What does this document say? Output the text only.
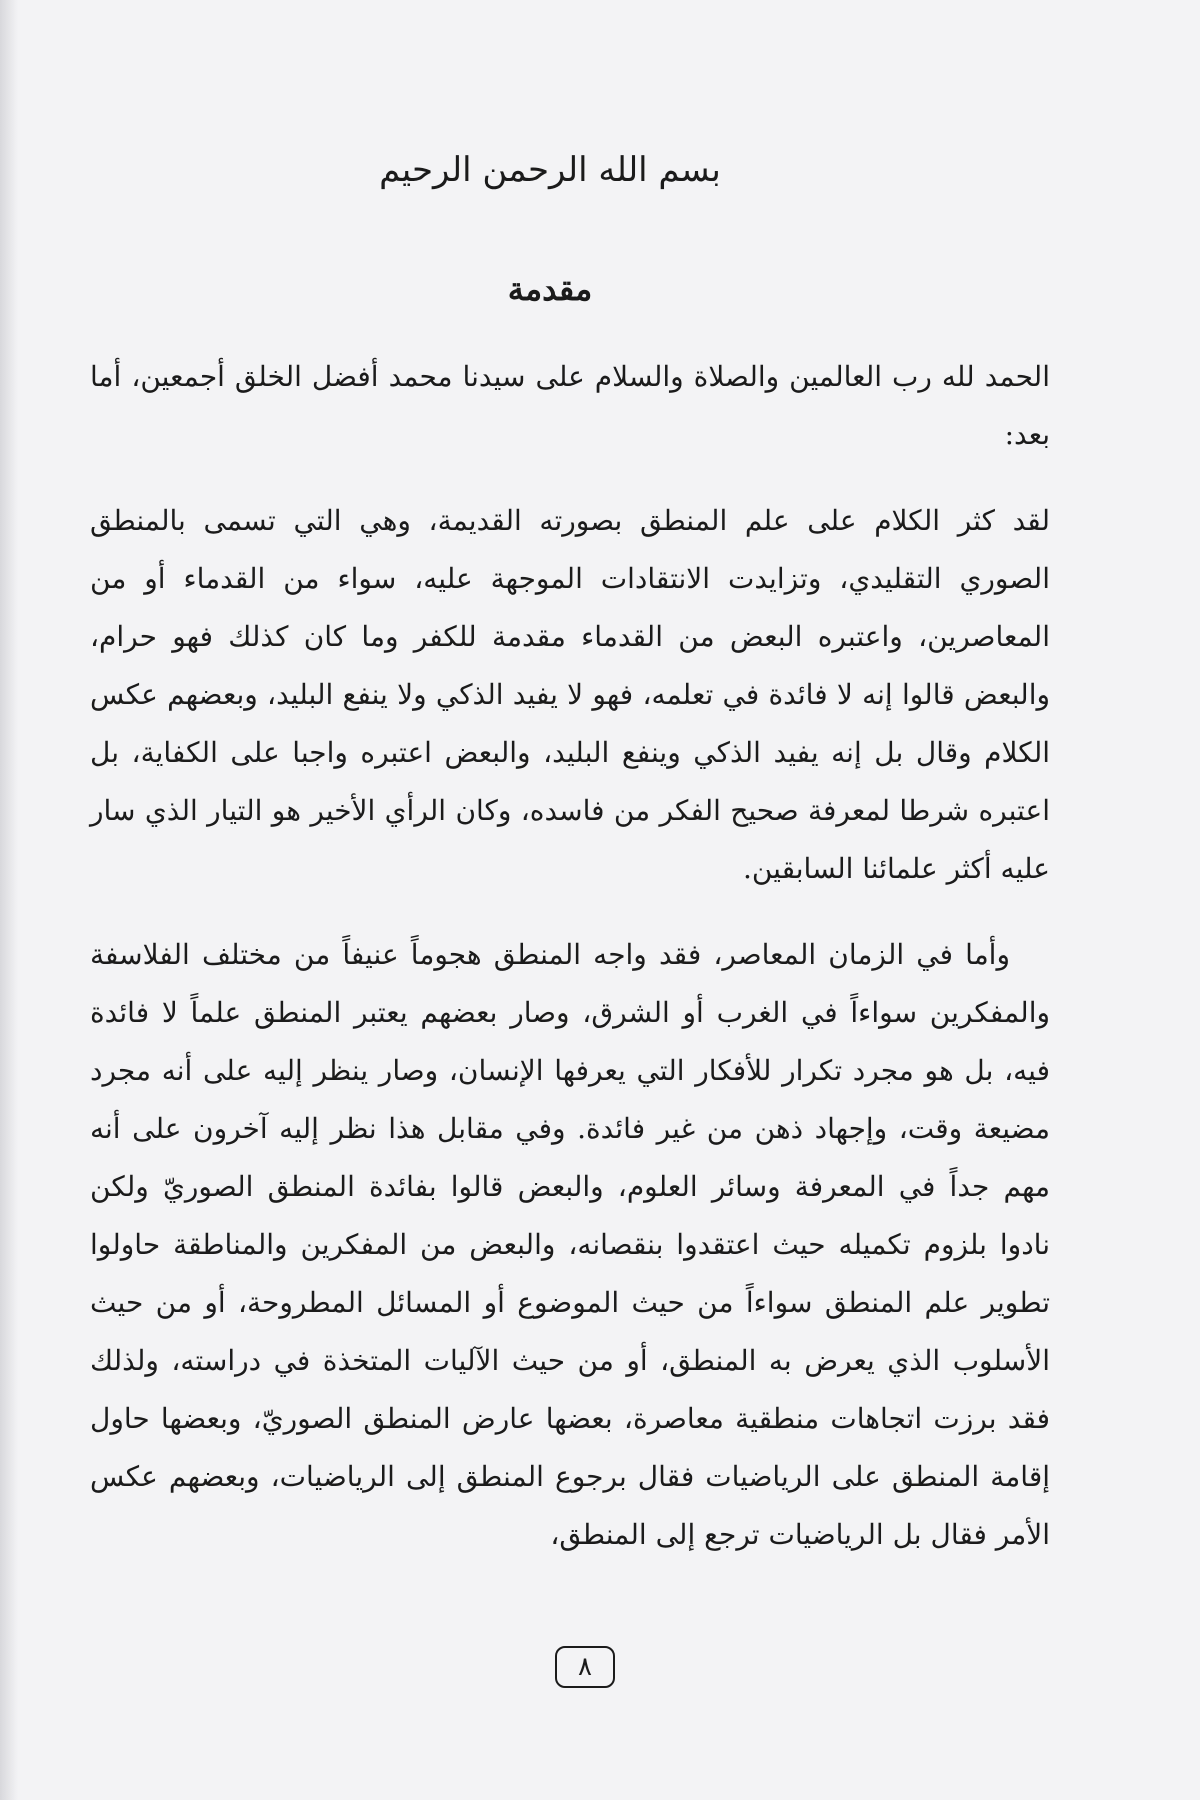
بسم الله الرحمن الرحيم
مقدمة

الحمد لله رب العالمين والصلاة والسلام على سيدنا محمد أفضل الخلق أجمعين، أما بعد:

لقد كثر الكلام على علم المنطق بصورته القديمة، وهي التي تسمى بالمنطق الصوري التقليدي، وتزايدت الانتقادات الموجهة عليه، سواء من القدماء أو من المعاصرين، واعتبره البعض من القدماء مقدمة للكفر وما كان كذلك فهو حرام، والبعض قالوا إنه لا فائدة في تعلمه، فهو لا يفيد الذكي ولا ينفع البليد، وبعضهم عكس الكلام وقال بل إنه يفيد الذكي وينفع البليد، والبعض اعتبره واجبا على الكفاية، بل اعتبره شرطا لمعرفة صحيح الفكر من فاسده، وكان الرأي الأخير هو التيار الذي سار عليه أكثر علمائنا السابقين.

وأما في الزمان المعاصر، فقد واجه المنطق هجوماً عنيفاً من مختلف الفلاسفة والمفكرين سواءاً في الغرب أو الشرق، وصار بعضهم يعتبر المنطق علماً لا فائدة فيه، بل هو مجرد تكرار للأفكار التي يعرفها الإنسان، وصار ينظر إليه على أنه مجرد مضيعة وقت، وإجهاد ذهن من غير فائدة. وفي مقابل هذا نظر إليه آخرون على أنه مهم جداً في المعرفة وسائر العلوم، والبعض قالوا بفائدة المنطق الصوريّ ولكن نادوا بلزوم تكميله حيث اعتقدوا بنقصانه، والبعض من المفكرين والمناطقة حاولوا تطوير علم المنطق سواءاً من حيث الموضوع أو المسائل المطروحة، أو من حيث الأسلوب الذي يعرض به المنطق، أو من حيث الآليات المتخذة في دراسته، ولذلك فقد برزت اتجاهات منطقية معاصرة، بعضها عارض المنطق الصوريّ، وبعضها حاول إقامة المنطق على الرياضيات فقال برجوع المنطق إلى الرياضيات، وبعضهم عكس الأمر فقال بل الرياضيات ترجع إلى المنطق،

٨
